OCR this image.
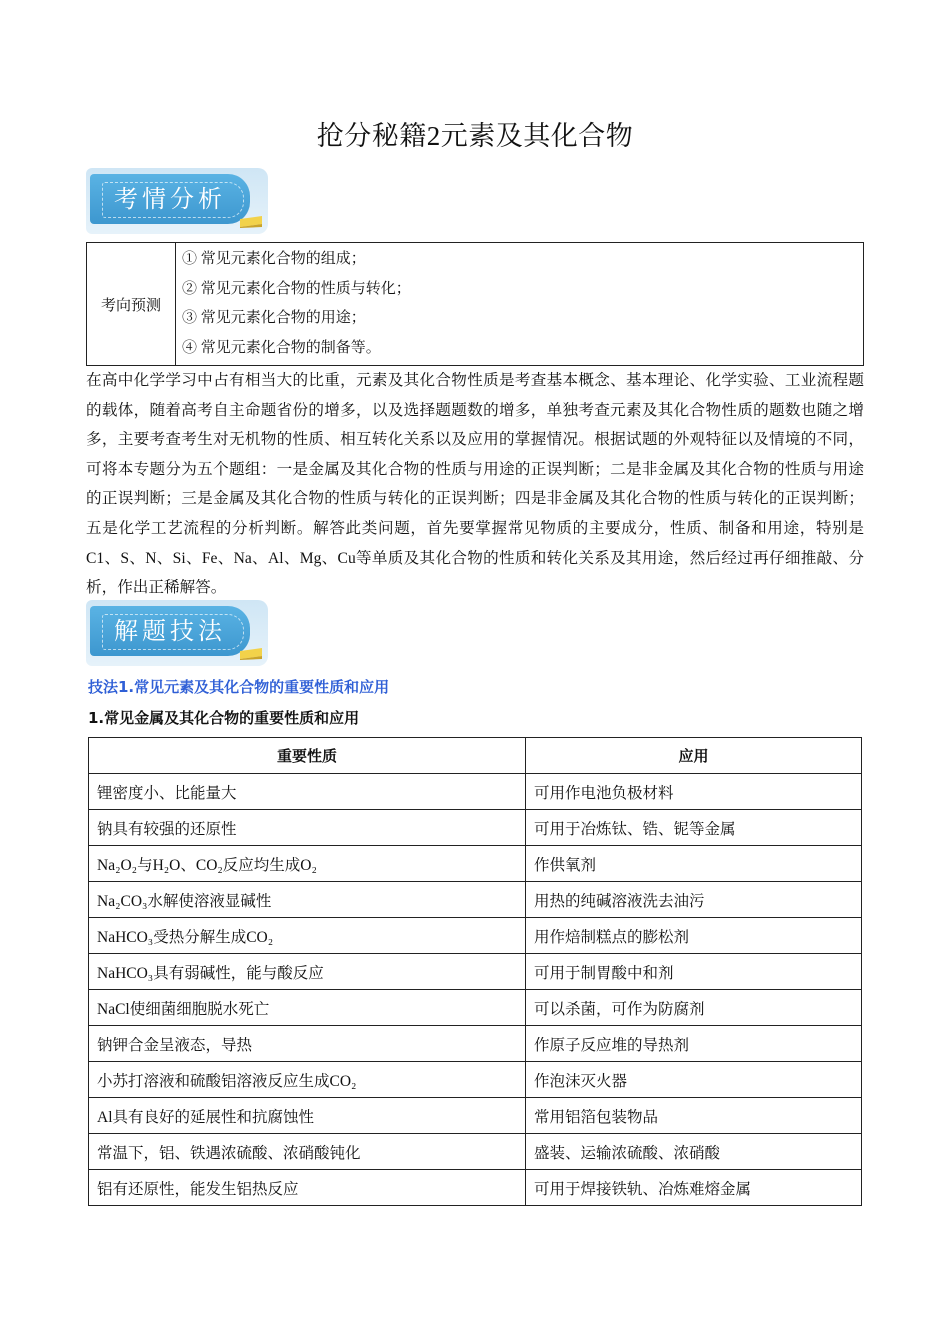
抢分秘籍2元素及其化合物
考情分析
考向预测	
① 常见元素化合物的组成；
② 常见元素化合物的性质与转化；
③ 常见元素化合物的用途；
④ 常见元素化合物的制备等。
在高中化学学习中占有相当大的比重，元素及其化合物性质是考查基本概念、基本理论、化学实验、工业流程题的载体，随着高考自主命题省份的增多，以及选择题题数的增多，单独考查元素及其化合物性质的题数也随之增多，主要考查考生对无机物的性质、相互转化关系以及应用的掌握情况。根据试题的外观特征以及情境的不同，可将本专题分为五个题组：一是金属及其化合物的性质与用途的正误判断；二是非金属及其化合物的性质与用途的正误判断；三是金属及其化合物的性质与转化的正误判断；四是非金属及其化合物的性质与转化的正误判断；五是化学工艺流程的分析判断。解答此类问题，首先要掌握常见物质的主要成分，性质、制备和用途，特别是C1、S、N、Si、Fe、Na、Al、Mg、Cu等单质及其化合物的性质和转化关系及其用途，然后经过再仔细推敲、分析，作出正稀解答。
解题技法
技法1.常见元素及其化合物的重要性质和应用
1.常见金属及其化合物的重要性质和应用
重要性质	应用
锂密度小、比能量大	可用作电池负极材料
钠具有较强的还原性	可用于冶炼钛、锆、铌等金属
Na₂O₂与H₂O、CO₂反应均生成O₂	作供氧剂
Na₂CO₃水解使溶液显碱性	用热的纯碱溶液洗去油污
NaHCO₃受热分解生成CO₂	用作焙制糕点的膨松剂
NaHCO₃具有弱碱性，能与酸反应	可用于制胃酸中和剂
NaCl使细菌细胞脱水死亡	可以杀菌，可作为防腐剂
钠钾合金呈液态，导热	作原子反应堆的导热剂
小苏打溶液和硫酸铝溶液反应生成CO₂	作泡沫灭火器
Al具有良好的延展性和抗腐蚀性	常用铝箔包装物品
常温下，铝、铁遇浓硫酸、浓硝酸钝化	盛装、运输浓硫酸、浓硝酸
铝有还原性，能发生铝热反应	可用于焊接铁轨、冶炼难熔金属
